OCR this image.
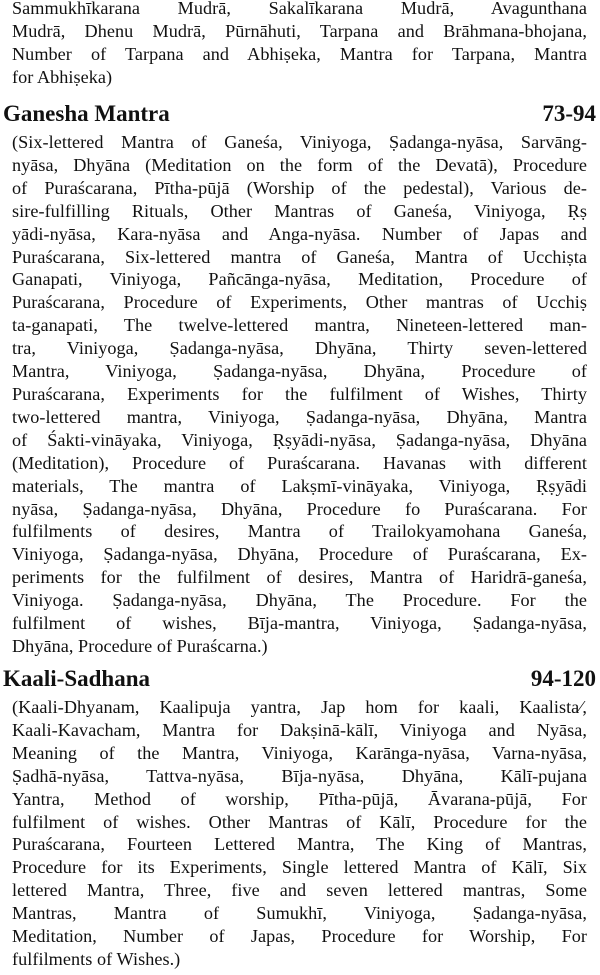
Sammukhīkarana Mudrā, Sakalīkarana Mudrā, Avagunthana
Mudrā, Dhenu Mudrā, Pūrnāhuti, Tarpana and Brāhmana-bhojana,
Number of Tarpana and Abhiṣeka, Mantra for Tarpana, Mantra
for Abhiṣeka)
Ganesha Mantra	73-94
(Six-lettered Mantra of Ganeśa, Viniyoga, Ṣadanga-nyāsa, Sarvāng-
nyāsa, Dhyāna (Meditation on the form of the Devatā), Procedure
of Puraścarana, Pītha-pūjā (Worship of the pedestal), Various de-
sire-fulfilling Rituals, Other Mantras of Ganeśa, Viniyoga, Ṛṣ
yādi-nyāsa, Kara-nyāsa and Anga-nyāsa. Number of Japas and
Puraścarana, Six-lettered mantra of Ganeśa, Mantra of Ucchiṣta
Ganapati, Viniyoga, Pañcānga-nyāsa, Meditation, Procedure of
Puraścarana, Procedure of Experiments, Other mantras of Ucchiṣ
ta-ganapati, The twelve-lettered mantra, Nineteen-lettered man-
tra, Viniyoga, Ṣadanga-nyāsa, Dhyāna, Thirty seven-lettered
Mantra, Viniyoga, Ṣadanga-nyāsa, Dhyāna, Procedure of
Puraścarana, Experiments for the fulfilment of Wishes, Thirty
two-lettered mantra, Viniyoga, Ṣadanga-nyāsa, Dhyāna, Mantra
of Śakti-vināyaka, Viniyoga, Ṛṣyādi-nyāsa, Ṣadanga-nyāsa, Dhyāna
(Meditation), Procedure of Puraścarana. Havanas with different
materials, The mantra of Lakṣmī-vināyaka, Viniyoga, Ṛṣyādi
nyāsa, Ṣadanga-nyāsa, Dhyāna, Procedure fo Puraścarana. For
fulfilments of desires, Mantra of Trailokyamohana Ganeśa,
Viniyoga, Ṣadanga-nyāsa, Dhyāna, Procedure of Puraścarana, Ex-
periments for the fulfilment of desires, Mantra of Haridrā-ganeśa,
Viniyoga. Ṣadanga-nyāsa, Dhyāna, The Procedure. For the
fulfilment of wishes, Bīja-mantra, Viniyoga, Ṣadanga-nyāsa,
Dhyāna, Procedure of Puraścarna.)
Kaali-Sadhana	94-120
(Kaali-Dhyanam, Kaalipuja yantra, Jap hom for kaali, Kaalista⁄,
Kaali-Kavacham, Mantra for Dakṣinā-kālī, Viniyoga and Nyāsa,
Meaning of the Mantra, Viniyoga, Karānga-nyāsa, Varna-nyāsa,
Ṣadhā-nyāsa, Tattva-nyāsa, Bīja-nyāsa, Dhyāna, Kālī-pujana
Yantra, Method of worship, Pītha-pūjā, Āvarana-pūjā, For
fulfilment of wishes. Other Mantras of Kālī, Procedure for the
Puraścarana, Fourteen Lettered Mantra, The King of Mantras,
Procedure for its Experiments, Single lettered Mantra of Kālī, Six
lettered Mantra, Three, five and seven lettered mantras, Some
Mantras, Mantra of Sumukhī, Viniyoga, Ṣadanga-nyāsa,
Meditation, Number of Japas, Procedure for Worship, For
fulfilments of Wishes.)
